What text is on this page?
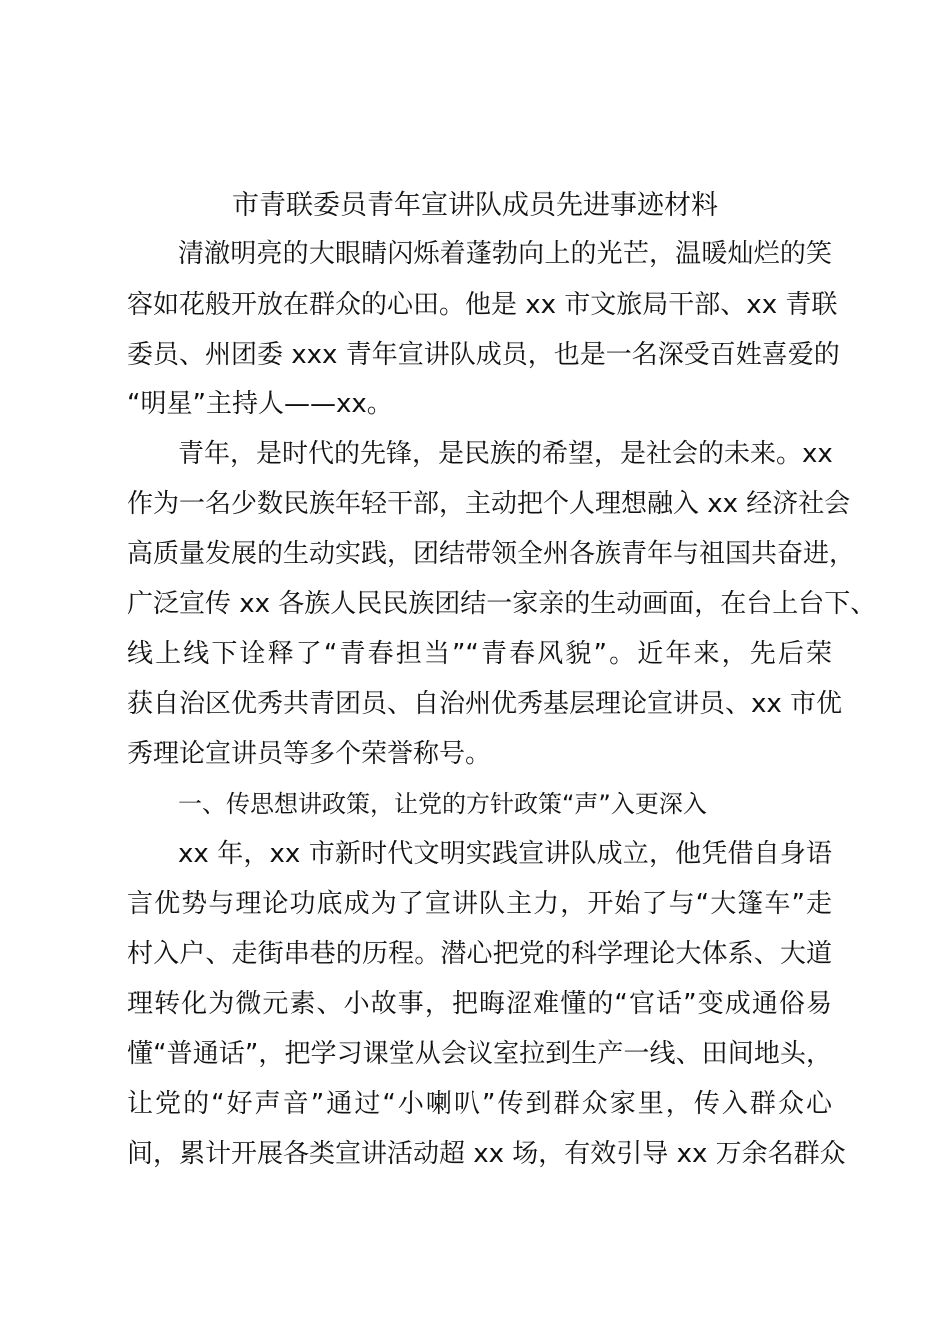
市青联委员青年宣讲队成员先进事迹材料
清澈明亮的大眼睛闪烁着蓬勃向上的光芒，温暖灿烂的笑
容如花般开放在群众的心田。他是 xx 市文旅局干部、xx 青联
委员、州团委 xxx 青年宣讲队成员，也是一名深受百姓喜爱的
“明星”主持人——xx。
青年，是时代的先锋，是民族的希望，是社会的未来。xx
作为一名少数民族年轻干部，主动把个人理想融入 xx 经济社会
高质量发展的生动实践，团结带领全州各族青年与祖国共奋进，
广泛宣传 xx 各族人民民族团结一家亲的生动画面，在台上台下、
线上线下诠释了“青春担当”“青春风貌”。近年来，先后荣
获自治区优秀共青团员、自治州优秀基层理论宣讲员、xx 市优
秀理论宣讲员等多个荣誉称号。
一、传思想讲政策，让党的方针政策“声”入更深入
xx 年，xx 市新时代文明实践宣讲队成立，他凭借自身语
言优势与理论功底成为了宣讲队主力，开始了与“大篷车”走
村入户、走街串巷的历程。潜心把党的科学理论大体系、大道
理转化为微元素、小故事，把晦涩难懂的“官话”变成通俗易
懂“普通话”，把学习课堂从会议室拉到生产一线、田间地头，
让党的“好声音”通过“小喇叭”传到群众家里，传入群众心
间，累计开展各类宣讲活动超 xx 场，有效引导 xx 万余名群众
